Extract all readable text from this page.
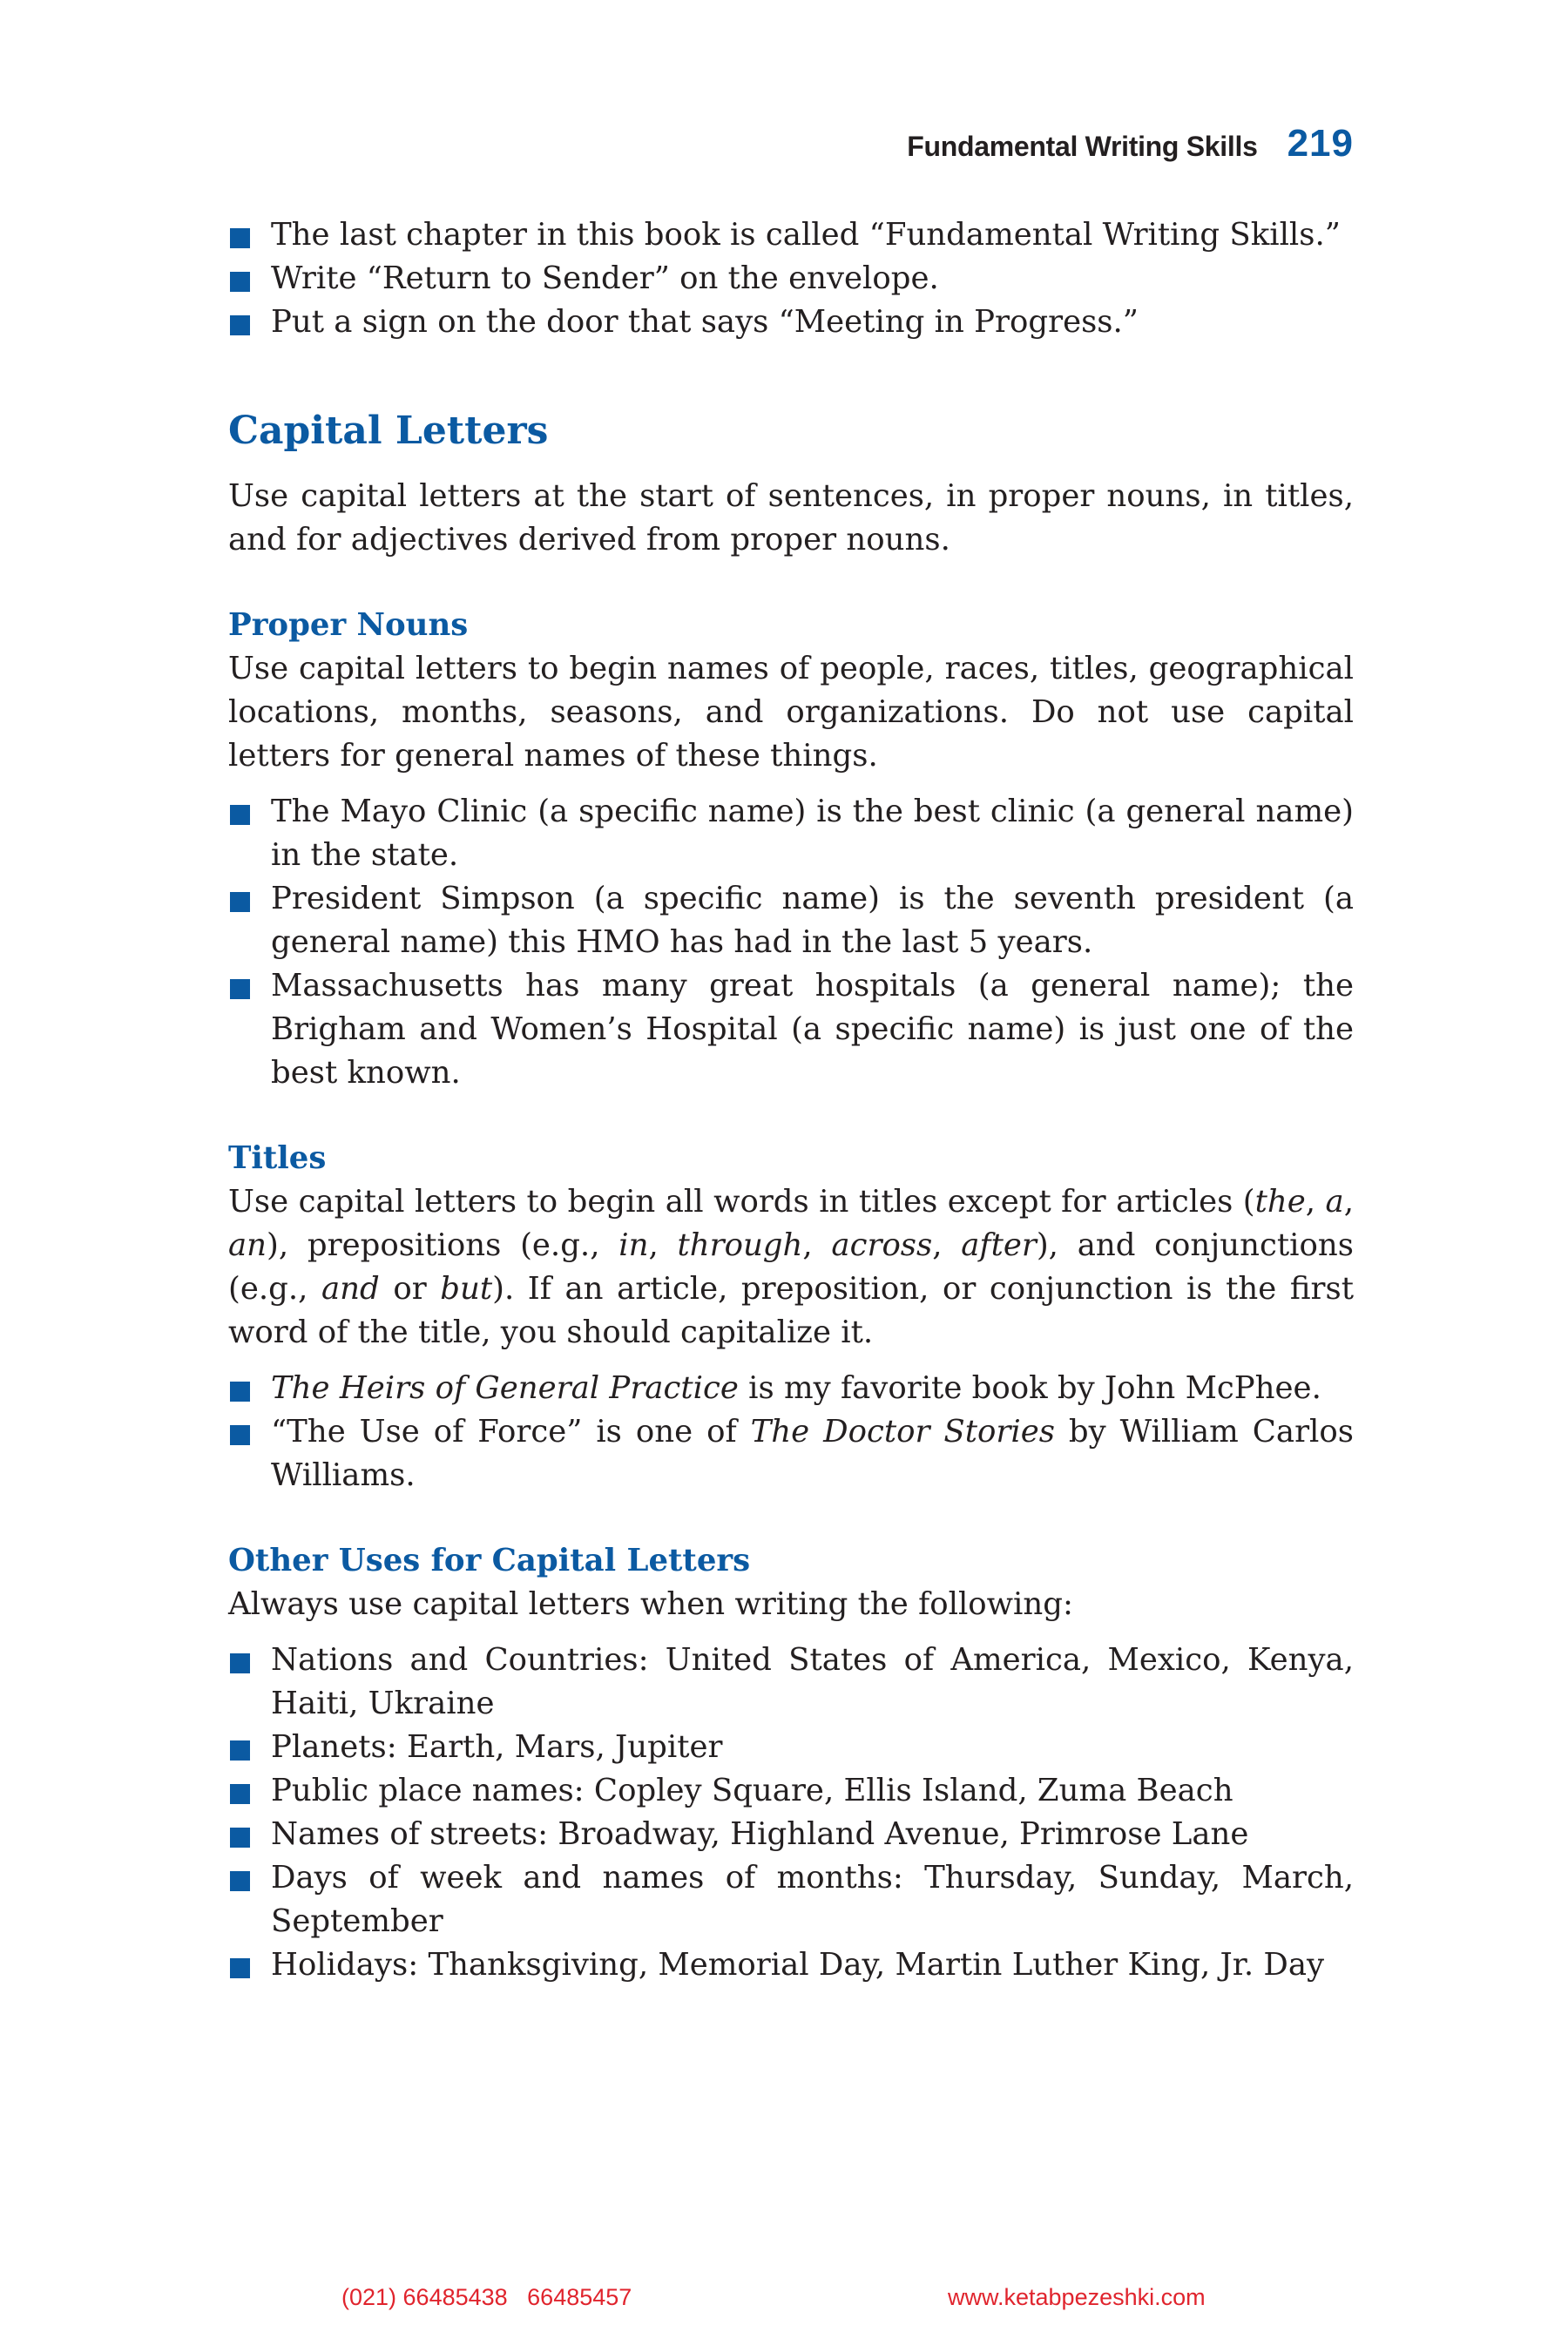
Fundamental Writing Skills 219
The last chapter in this book is called “Fundamental Writing Skills.”
Write “Return to Sender” on the envelope.
Put a sign on the door that says “Meeting in Progress.”
Capital Letters

Use capital letters at the start of sentences, in proper nouns, in titles, and for adjectives derived from proper nouns.

Proper Nouns

Use capital letters to begin names of people, races, titles, geographical locations, months, seasons, and organizations. Do not use capital letters for general names of these things.

The Mayo Clinic (a specific name) is the best clinic (a general name) in the state.
President Simpson (a specific name) is the seventh president (a general name) this HMO has had in the last 5 years.
Massachusetts has many great hospitals (a general name); the Brigham and Women’s Hospital (a specific name) is just one of the best known.
Titles

Use capital letters to begin all words in titles except for articles (the, a, an), prepositions (e.g., in, through, across, after), and conjunctions (e.g., and or but). If an article, preposition, or conjunction is the first word of the title, you should capitalize it.

The Heirs of General Practice is my favorite book by John McPhee.
“The Use of Force” is one of The Doctor Stories by William Carlos Williams.
Other Uses for Capital Letters

Always use capital letters when writing the following:

Nations and Countries: United States of America, Mexico, Kenya, Haiti, Ukraine
Planets: Earth, Mars, Jupiter
Public place names: Copley Square, Ellis Island, Zuma Beach
Names of streets: Broadway, Highland Avenue, Primrose Lane
Days of week and names of months: Thursday, Sunday, March, September
Holidays: Thanksgiving, Memorial Day, Martin Luther King, Jr. Day
(021) 66485438   66485457	www.ketabpezeshki.com
